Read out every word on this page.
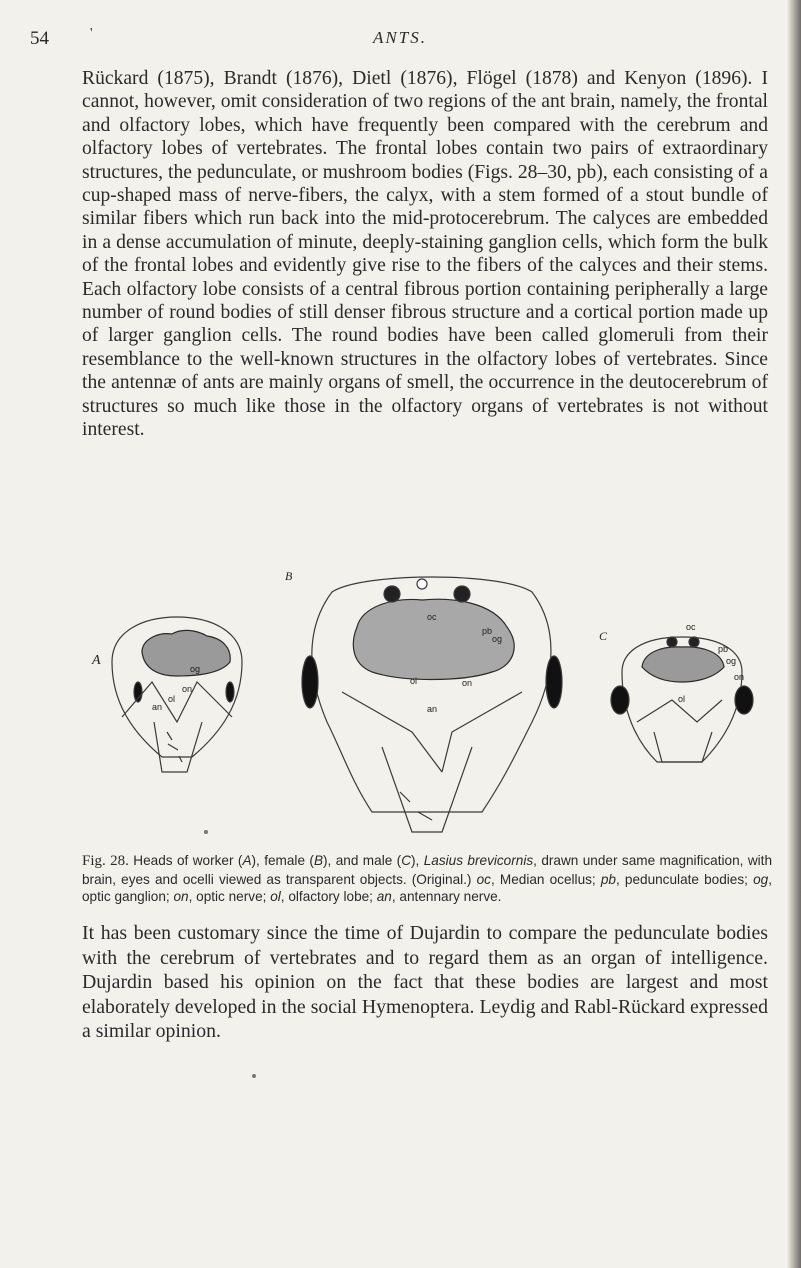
54	'	ANTS.

Rückard (1875), Brandt (1876), Dietl (1876), Flögel (1878) and Kenyon (1896). I cannot, however, omit consideration of two regions of the ant brain, namely, the frontal and olfactory lobes, which have frequently been compared with the cerebrum and olfactory lobes of vertebrates. The frontal lobes contain two pairs of extraordinary structures, the pedunculate, or mushroom bodies (Figs. 28–30, pb), each consisting of a cup-shaped mass of nerve-fibers, the calyx, with a stem formed of a stout bundle of similar fibers which run back into the mid-protocerebrum. The calyces are embedded in a dense accumulation of minute, deeply-staining ganglion cells, which form the bulk of the frontal lobes and evidently give rise to the fibers of the calyces and their stems. Each olfactory lobe consists of a central fibrous portion containing peripherally a large number of round bodies of still denser fibrous structure and a cortical portion made up of larger ganglion cells. The round bodies have been called glomeruli from their resemblance to the well-known structures in the olfactory lobes of vertebrates. Since the antennæ of ants are mainly organs of smell, the occurrence in the deutocerebrum of structures so much like those in the olfactory organs of vertebrates is not without interest.

A
og
on
ol
an
B
oc
pb
og
ol	on
an
C
oc
pb
og
on
ol

Fig. 28. Heads of worker (A), female (B), and male (C), Lasius brevicornis, drawn under same magnification, with brain, eyes and ocelli viewed as transparent objects. (Original.) oc, Median ocellus; pb, pedunculate bodies; og, optic ganglion; on, optic nerve; ol, olfactory lobe; an, antennary nerve.

It has been customary since the time of Dujardin to compare the pedunculate bodies with the cerebrum of vertebrates and to regard them as an organ of intelligence. Dujardin based his opinion on the fact that these bodies are largest and most elaborately developed in the social Hymenoptera. Leydig and Rabl-Rückard expressed a similar opinion.
